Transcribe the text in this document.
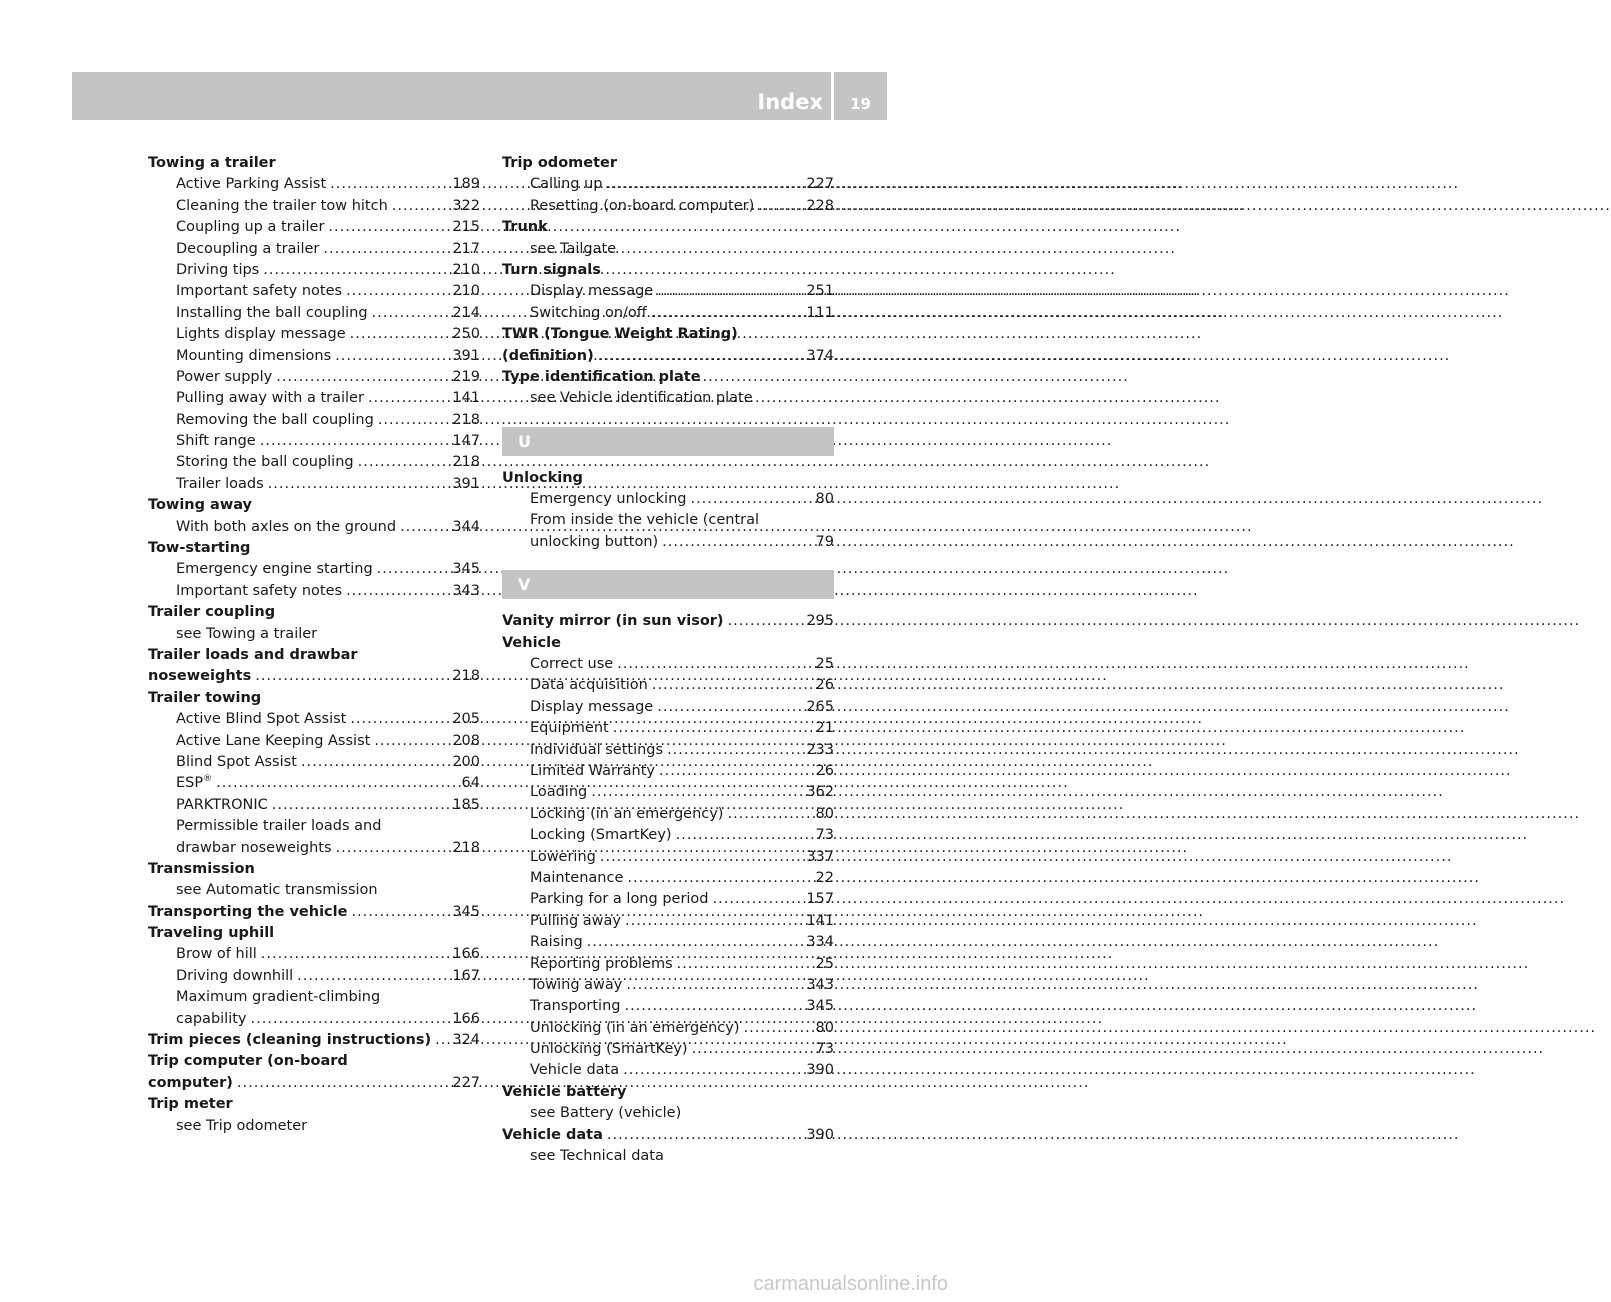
Index	19
Towing a trailer
Active Parking Assist .....	189
Cleaning the trailer tow hitch .....	322
Coupling up a trailer .....	215
Decoupling a trailer .....	217
Driving tips .....	210
Important safety notes .....	210
Installing the ball coupling .....	214
Lights display message .....	250
Mounting dimensions .....	391
Power supply .....	219
Pulling away with a trailer .....	141
Removing the ball coupling .....	218
Shift range .....	147
Storing the ball coupling .....	218
Trailer loads .....	391
Towing away
With both axles on the ground .....	344
Tow-starting
Emergency engine starting .....	345
Important safety notes .....	343
Trailer coupling
see Towing a trailer
Trailer loads and drawbar
noseweights .....	218
Trailer towing
Active Blind Spot Assist .....	205
Active Lane Keeping Assist .....	208
Blind Spot Assist .....	200
ESP® .....	64
PARKTRONIC .....	185
Permissible trailer loads and
drawbar noseweights .....	218
Transmission
see Automatic transmission
Transporting the vehicle .....	345
Traveling uphill
Brow of hill .....	166
Driving downhill .....	167
Maximum gradient-climbing
capability .....	166
Trim pieces (cleaning instructions) ..... 324
Trip computer (on-board
computer) .....	227
Trip meter
see Trip odometer
Trip odometer
Calling up .....	227
Resetting (on-board computer) .....	228
Trunk
see Tailgate
Turn signals
Display message .....	251
Switching on/off .....	111
TWR (Tongue Weight Rating)
(definition) .....	374
Type identification plate
see Vehicle identification plate
U
Unlocking
Emergency unlocking .....	80
From inside the vehicle (central
unlocking button) .....	79
V
Vanity mirror (in sun visor) .....	295
Vehicle
Correct use .....	25
Data acquisition .....	26
Display message .....	265
Equipment .....	21
Individual settings .....	233
Limited Warranty .....	26
Loading .....	362
Locking (in an emergency) .....	80
Locking (SmartKey) .....	73
Lowering .....	337
Maintenance .....	22
Parking for a long period .....	157
Pulling away .....	141
Raising .....	334
Reporting problems .....	25
Towing away .....	343
Transporting .....	345
Unlocking (in an emergency) .....	80
Unlocking (SmartKey) .....	73
Vehicle data .....	390
Vehicle battery
see Battery (vehicle)
Vehicle data .....	390
see Technical data
carmanualsonline.info
